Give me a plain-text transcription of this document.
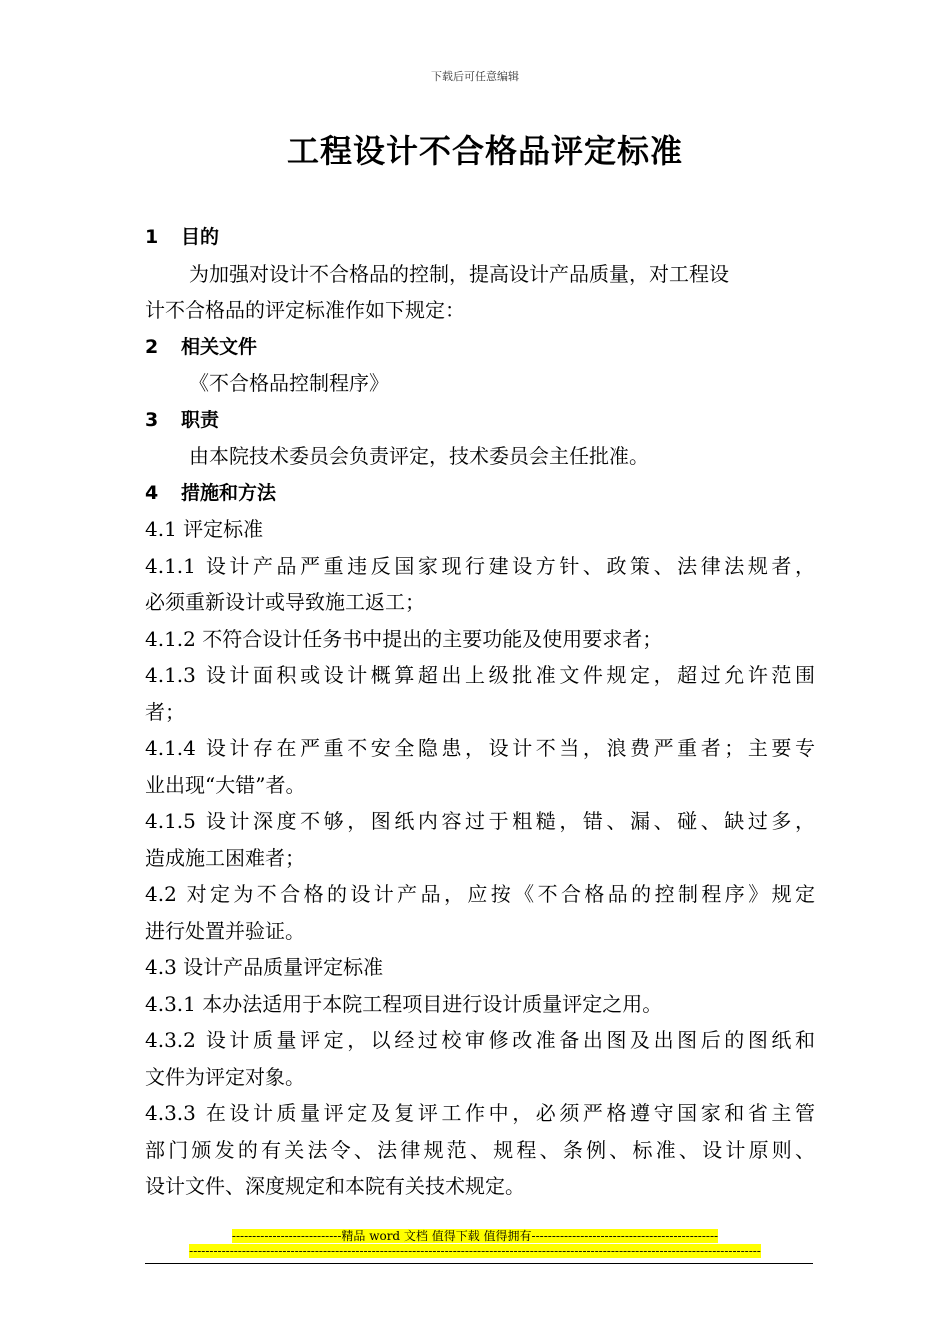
下载后可任意编辑
工程设计不合格品评定标准
1 目的
为加强对设计不合格品的控制，提高设计产品质量，对工程设
计不合格品的评定标准作如下规定：
2 相关文件
《不合格品控制程序》
3 职责
由本院技术委员会负责评定，技术委员会主任批准。
4 措施和方法
4.1 评定标准
4.1.1 设计产品严重违反国家现行建设方针、政策、法律法规者，
必须重新设计或导致施工返工；
4.1.2 不符合设计任务书中提出的主要功能及使用要求者；
4.1.3 设计面积或设计概算超出上级批准文件规定，超过允许范围
者；
4.1.4 设计存在严重不安全隐患，设计不当，浪费严重者；主要专
业出现“大错”者。
4.1.5 设计深度不够，图纸内容过于粗糙，错、漏、碰、缺过多，
造成施工困难者；
4.2 对定为不合格的设计产品，应按《不合格品的控制程序》规定
进行处置并验证。
4.3 设计产品质量评定标准
4.3.1 本办法适用于本院工程项目进行设计质量评定之用。
4.3.2 设计质量评定，以经过校审修改准备出图及出图后的图纸和
文件为评定对象。
4.3.3 在设计质量评定及复评工作中，必须严格遵守国家和省主管
部门颁发的有关法令、法律规范、规程、条例、标准、设计原则、
设计文件、深度规定和本院有关技术规定。
---------------------------精品 word 文档 值得下载 值得拥有----------------------------------------------
---------------------------------------------------------------------------------------------------------------------------------------------
